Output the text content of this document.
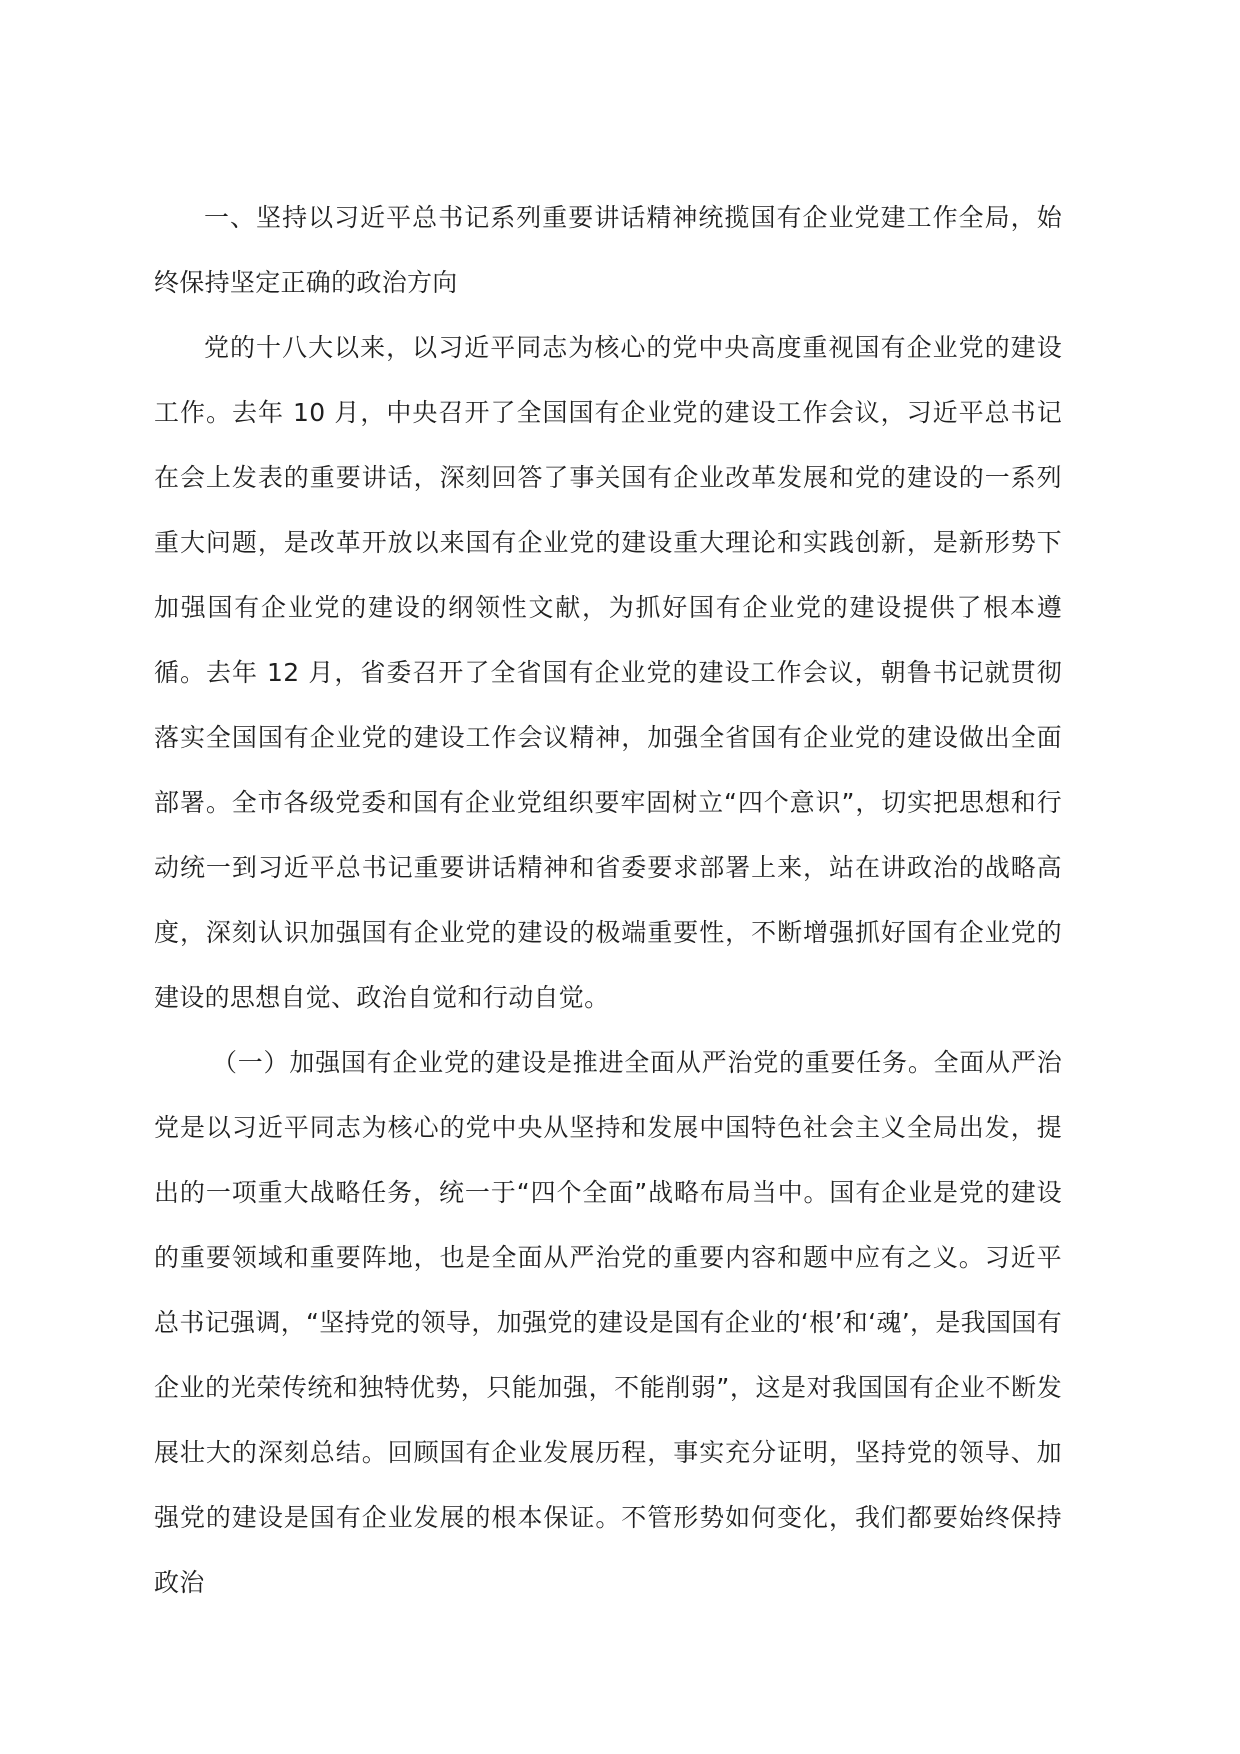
一、坚持以习近平总书记系列重要讲话精神统揽国有企业党建工作全局，始终保持坚定正确的政治方向

党的十八大以来，以习近平同志为核心的党中央高度重视国有企业党的建设工作。去年 10 月，中央召开了全国国有企业党的建设工作会议，习近平总书记在会上发表的重要讲话，深刻回答了事关国有企业改革发展和党的建设的一系列重大问题，是改革开放以来国有企业党的建设重大理论和实践创新，是新形势下加强国有企业党的建设的纲领性文献，为抓好国有企业党的建设提供了根本遵循。去年 12 月，省委召开了全省国有企业党的建设工作会议，朝鲁书记就贯彻落实全国国有企业党的建设工作会议精神，加强全省国有企业党的建设做出全面部署。全市各级党委和国有企业党组织要牢固树立“四个意识”，切实把思想和行动统一到习近平总书记重要讲话精神和省委要求部署上来，站在讲政治的战略高度，深刻认识加强国有企业党的建设的极端重要性，不断增强抓好国有企业党的建设的思想自觉、政治自觉和行动自觉。

（一）加强国有企业党的建设是推进全面从严治党的重要任务。全面从严治党是以习近平同志为核心的党中央从坚持和发展中国特色社会主义全局出发，提出的一项重大战略任务，统一于“四个全面”战略布局当中。国有企业是党的建设的重要领域和重要阵地，也是全面从严治党的重要内容和题中应有之义。习近平总书记强调，“坚持党的领导，加强党的建设是国有企业的‘根’和‘魂’，是我国国有企业的光荣传统和独特优势，只能加强，不能削弱”，这是对我国国有企业不断发展壮大的深刻总结。回顾国有企业发展历程，事实充分证明，坚持党的领导、加强党的建设是国有企业发展的根本保证。不管形势如何变化，我们都要始终保持政治
